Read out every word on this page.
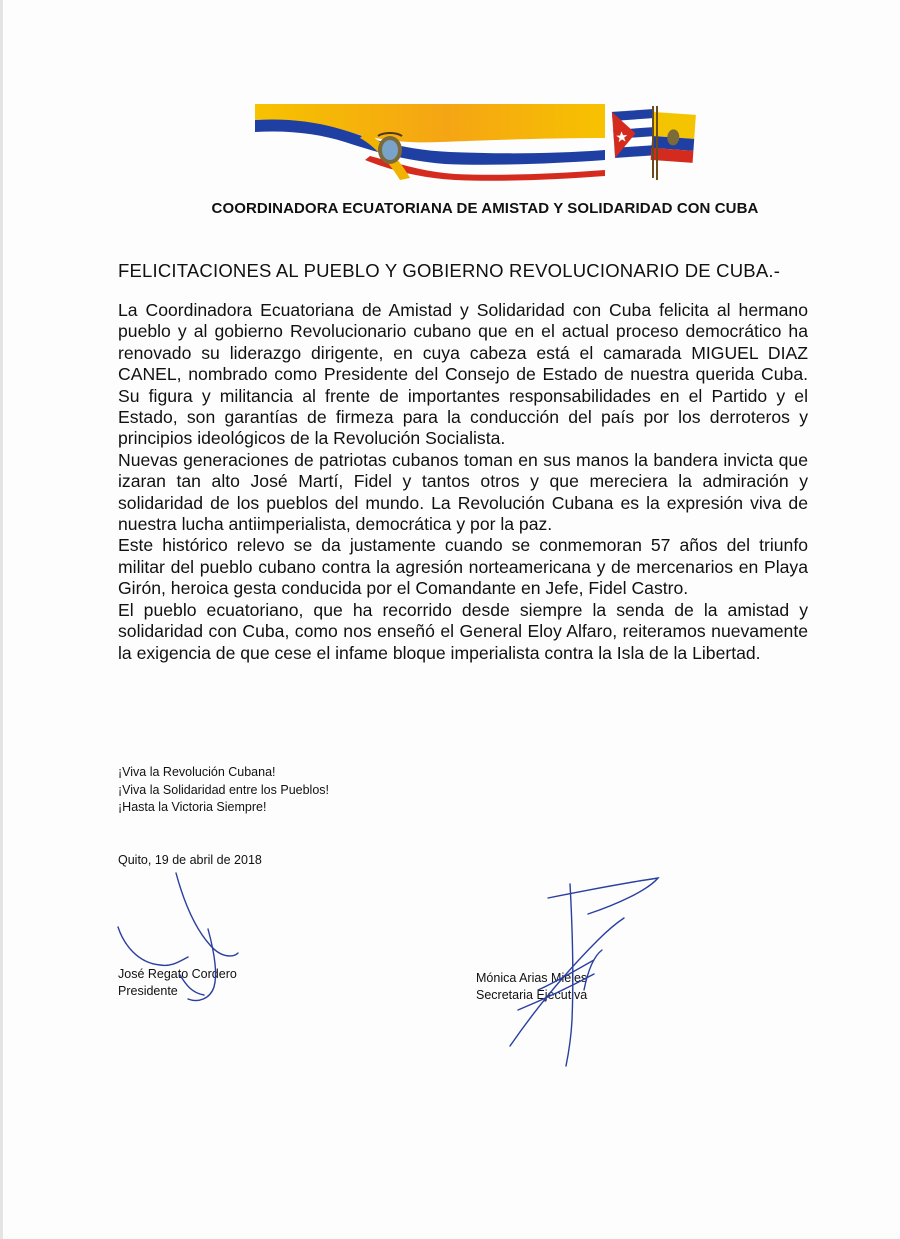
COORDINADORA ECUATORIANA DE AMISTAD Y SOLIDARIDAD CON CUBA
FELICITACIONES AL PUEBLO Y GOBIERNO REVOLUCIONARIO DE CUBA.-

La Coordinadora Ecuatoriana de Amistad y Solidaridad con Cuba felicita al hermano pueblo y al gobierno Revolucionario cubano que en el actual proceso democrático ha renovado su liderazgo dirigente, en cuya cabeza está el camarada MIGUEL DIAZ CANEL, nombrado como Presidente del Consejo de Estado de nuestra querida Cuba. Su figura y militancia al frente de importantes responsabilidades en el Partido y el Estado, son garantías de firmeza para la conducción del país por los derroteros y principios ideológicos de la Revolución Socialista.

Nuevas generaciones de patriotas cubanos toman en sus manos la bandera invicta que izaran tan alto José Martí, Fidel y tantos otros y que mereciera la admiración y solidaridad de los pueblos del mundo. La Revolución Cubana es la expresión viva de nuestra lucha antiimperialista, democrática y por la paz.

Este histórico relevo se da justamente cuando se conmemoran 57 años del triunfo militar del pueblo cubano contra la agresión norteamericana y de mercenarios en Playa Girón, heroica gesta conducida por el Comandante en Jefe, Fidel Castro.

El pueblo ecuatoriano, que ha recorrido desde siempre la senda de la amistad y solidaridad con Cuba, como nos enseñó el General Eloy Alfaro, reiteramos nuevamente la exigencia de que cese el infame bloque imperialista contra la Isla de la Libertad.

¡Viva la Revolución Cubana!
¡Viva la Solidaridad entre los Pueblos!
¡Hasta la Victoria Siempre!
Quito, 19 de abril de 2018
José Regato Cordero
Presidente
Mónica Arias Mieles
Secretaria Ejecutiva
